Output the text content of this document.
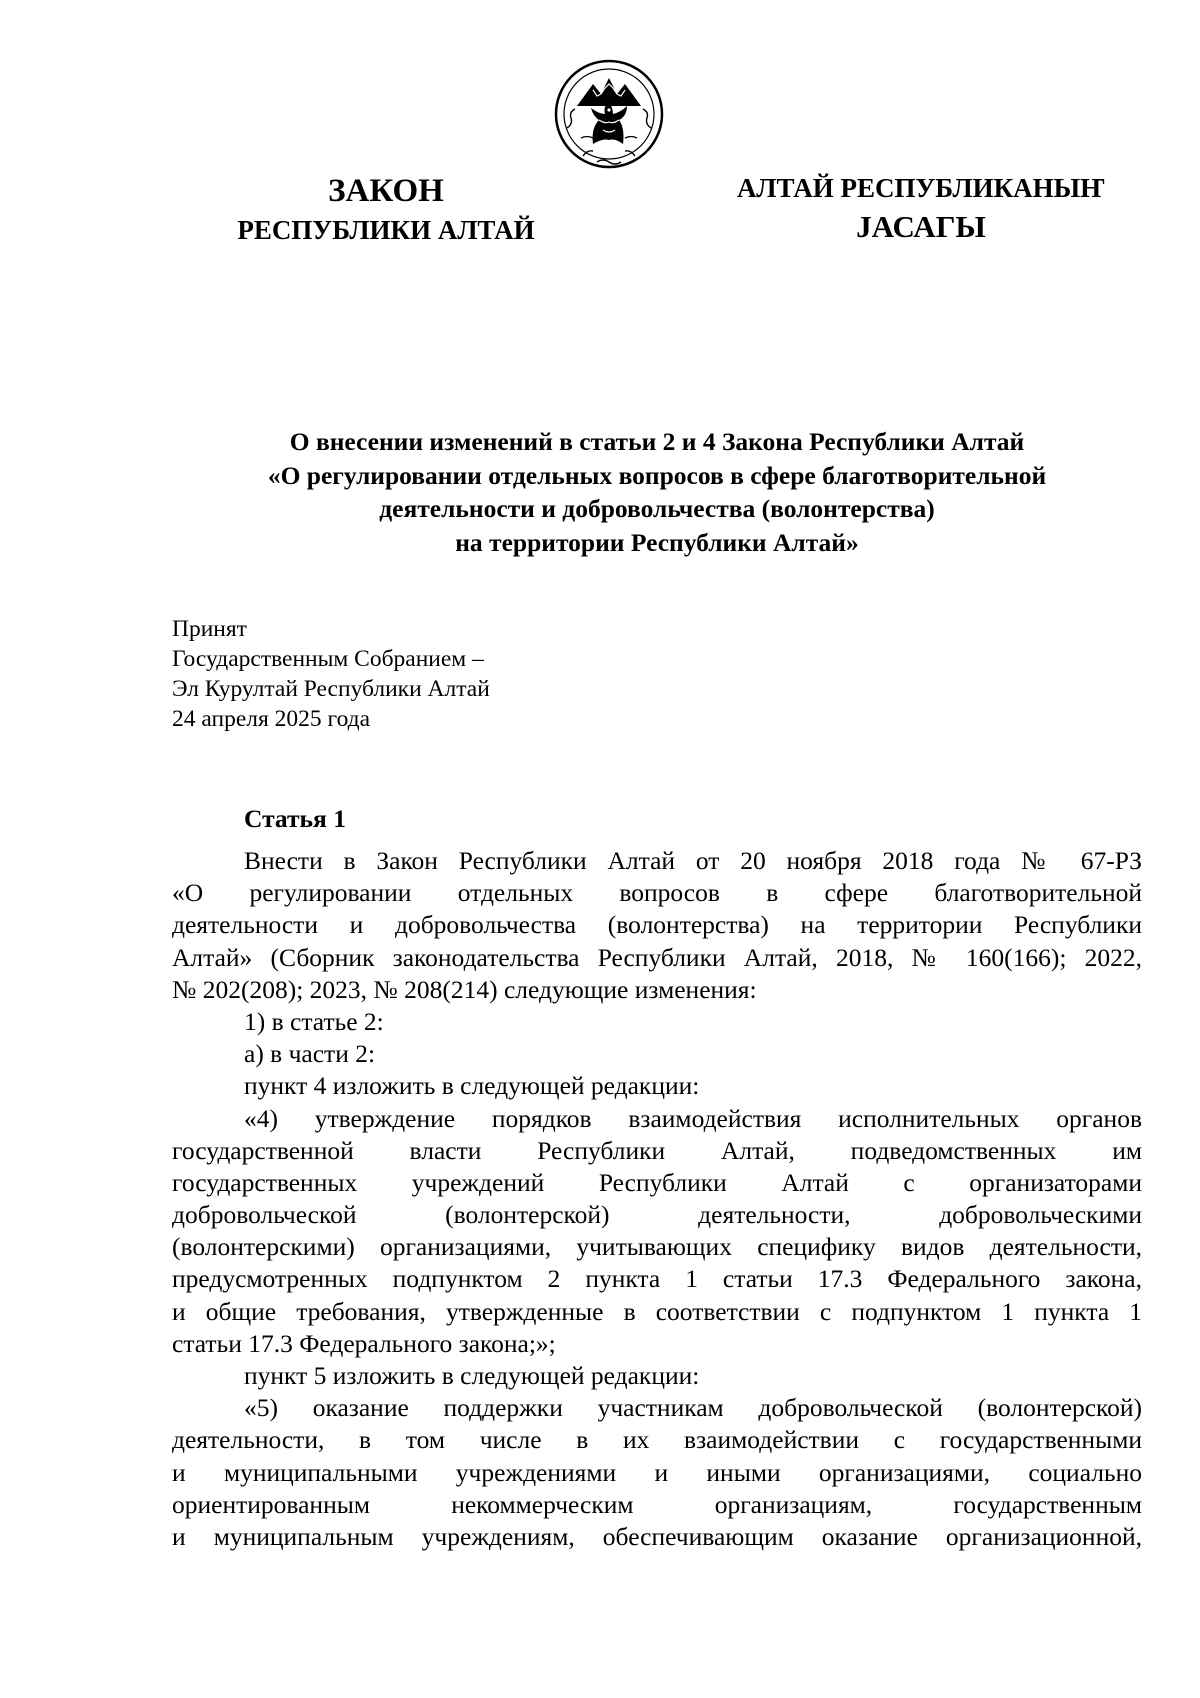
ЗАКОН
РЕСПУБЛИКИ АЛТАЙ
АЛТАЙ РЕСПУБЛИКАНЫҤ
JАСАГЫ
О внесении изменений в статьи 2 и 4 Закона Республики Алтай
«О регулировании отдельных вопросов в сфере благотворительной
деятельности и добровольчества (волонтерства)
на территории Республики Алтай»
Принят
Государственным Собранием –
Эл Курултай Республики Алтай
24 апреля 2025 года
Статья 1
Внести в Закон Республики Алтай от 20 ноября 2018 года № 67-РЗ
«О регулировании отдельных вопросов в сфере благотворительной
деятельности и добровольчества (волонтерства) на территории Республики
Алтай» (Сборник законодательства Республики Алтай, 2018, № 160(166); 2022,
№ 202(208); 2023, № 208(214) следующие изменения:
1) в статье 2:
а) в части 2:
пункт 4 изложить в следующей редакции:
«4) утверждение порядков взаимодействия исполнительных органов
государственной власти Республики Алтай, подведомственных им
государственных учреждений Республики Алтай с организаторами
добровольческой (волонтерской) деятельности, добровольческими
(волонтерскими) организациями, учитывающих специфику видов деятельности,
предусмотренных подпунктом 2 пункта 1 статьи 17.3 Федерального закона,
и общие требования, утвержденные в соответствии с подпунктом 1 пункта 1
статьи 17.3 Федерального закона;»;
пункт 5 изложить в следующей редакции:
«5) оказание поддержки участникам добровольческой (волонтерской)
деятельности, в том числе в их взаимодействии с государственными
и муниципальными учреждениями и иными организациями, социально
ориентированным некоммерческим организациям, государственным
и муниципальным учреждениям, обеспечивающим оказание организационной,
